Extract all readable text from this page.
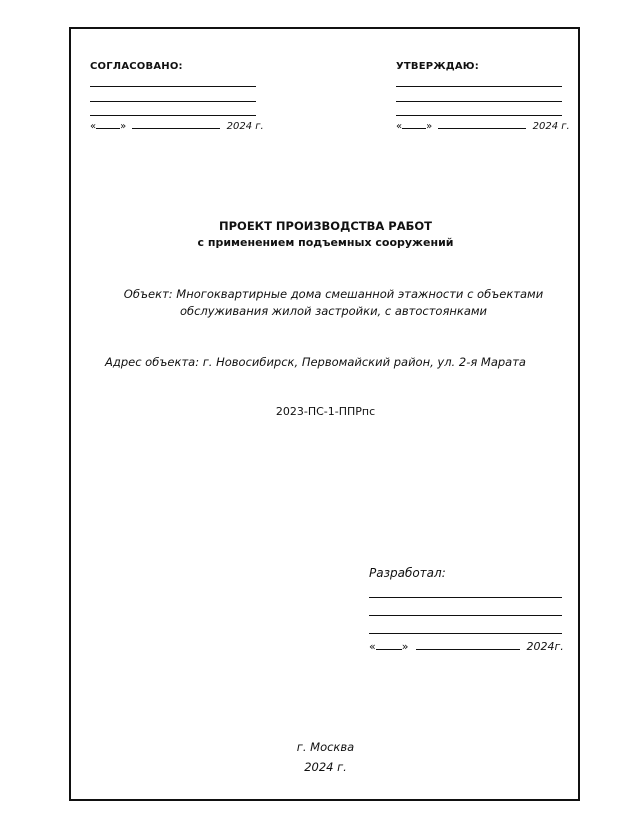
СОГЛАСОВАНО:
« »	2024 г.
УТВЕРЖДАЮ:
« »	2024 г.
ПРОЕКТ ПРОИЗВОДСТВА РАБОТ
с применением подъемных сооружений
Объект: Многоквартирные дома смешанной этажности с объектами
обслуживания жилой застройки, с автостоянками
Адрес объекта: г. Новосибирск, Первомайский район, ул. 2-я Марата
2023-ПС-1-ППРпс
Разработал:
« »	2024г.
г. Москва
2024 г.
